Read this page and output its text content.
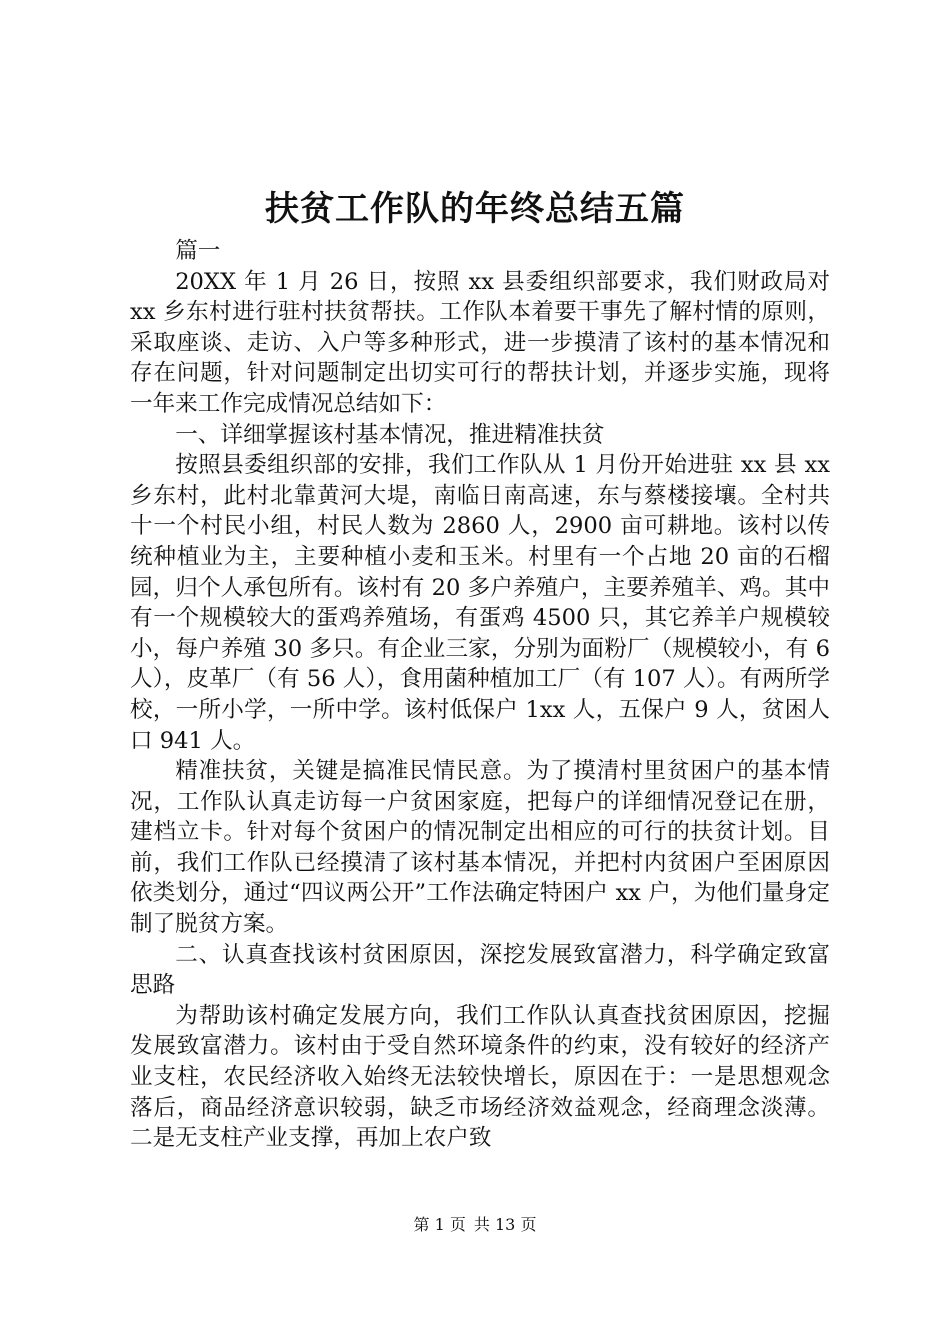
扶贫工作队的年终总结五篇

篇一

20XX 年 1 月 26 日，按照 xx 县委组织部要求，我们财政局对 xx 乡东村进行驻村扶贫帮扶。工作队本着要干事先了解村情的原则，采取座谈、走访、入户等多种形式，进一步摸清了该村的基本情况和存在问题，针对问题制定出切实可行的帮扶计划，并逐步实施，现将一年来工作完成情况总结如下：

一、详细掌握该村基本情况，推进精准扶贫

按照县委组织部的安排，我们工作队从 1 月份开始进驻 xx 县 xx 乡东村，此村北靠黄河大堤，南临日南高速，东与蔡楼接壤。全村共十一个村民小组，村民人数为 2860 人，2900 亩可耕地。该村以传统种植业为主，主要种植小麦和玉米。村里有一个占地 20 亩的石榴园，归个人承包所有。该村有 20 多户养殖户，主要养殖羊、鸡。其中有一个规模较大的蛋鸡养殖场，有蛋鸡 4500 只，其它养羊户规模较小，每户养殖 30 多只。有企业三家，分别为面粉厂（规模较小，有 6 人），皮革厂（有 56 人），食用菌种植加工厂（有 107 人）。有两所学校，一所小学，一所中学。该村低保户 1xx 人，五保户 9 人，贫困人口 941 人。

精准扶贫，关键是搞准民情民意。为了摸清村里贫困户的基本情况，工作队认真走访每一户贫困家庭，把每户的详细情况登记在册，建档立卡。针对每个贫困户的情况制定出相应的可行的扶贫计划。目前，我们工作队已经摸清了该村基本情况，并把村内贫困户至困原因依类划分，通过“四议两公开”工作法确定特困户 xx 户，为他们量身定制了脱贫方案。

二、认真查找该村贫困原因，深挖发展致富潜力，科学确定致富思路

为帮助该村确定发展方向，我们工作队认真查找贫困原因，挖掘发展致富潜力。该村由于受自然环境条件的约束，没有较好的经济产业支柱，农民经济收入始终无法较快增长，原因在于：一是思想观念落后，商品经济意识较弱，缺乏市场经济效益观念，经商理念淡薄。二是无支柱产业支撑，再加上农户致

第 1 页 共 13 页
